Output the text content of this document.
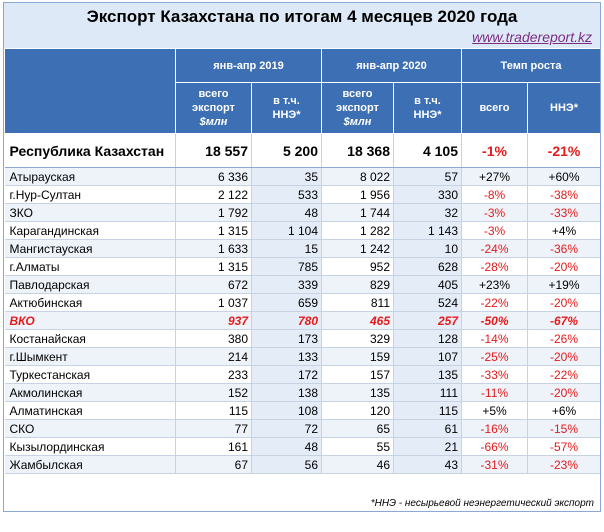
Экспорт Казахстана по итогам 4 месяцев 2020 года
www.tradereport.kz
	янв-апр 2019		янв-апр 2020		Темп роста	
	всего
экспорт
$млн	в т.ч.
ННЭ*	всего
экспорт
$млн	в т.ч.
ННЭ*	всего	ННЭ*
Республика Казахстан	18 557	5 200	18 368	4 105	-1%	-21%
Атырауская	6 336	35	8 022	57	+27%	+60%
г.Нур-Султан	2 122	533	1 956	330	-8%	-38%
ЗКО	1 792	48	1 744	32	-3%	-33%
Карагандинская	1 315	1 104	1 282	1 143	-3%	+4%
Мангистауская	1 633	15	1 242	10	-24%	-36%
г.Алматы	1 315	785	952	628	-28%	-20%
Павлодарская	672	339	829	405	+23%	+19%
Актюбинская	1 037	659	811	524	-22%	-20%
ВКО	937	780	465	257	-50%	-67%
Костанайская	380	173	329	128	-14%	-26%
г.Шымкент	214	133	159	107	-25%	-20%
Туркестанская	233	172	157	135	-33%	-22%
Акмолинская	152	138	135	111	-11%	-20%
Алматинская	115	108	120	115	+5%	+6%
СКО	77	72	65	61	-16%	-15%
Кызылординская	161	48	55	21	-66%	-57%
Жамбылская	67	56	46	43	-31%	-23%
*ННЭ - несырьевой неэнергетический экспорт
